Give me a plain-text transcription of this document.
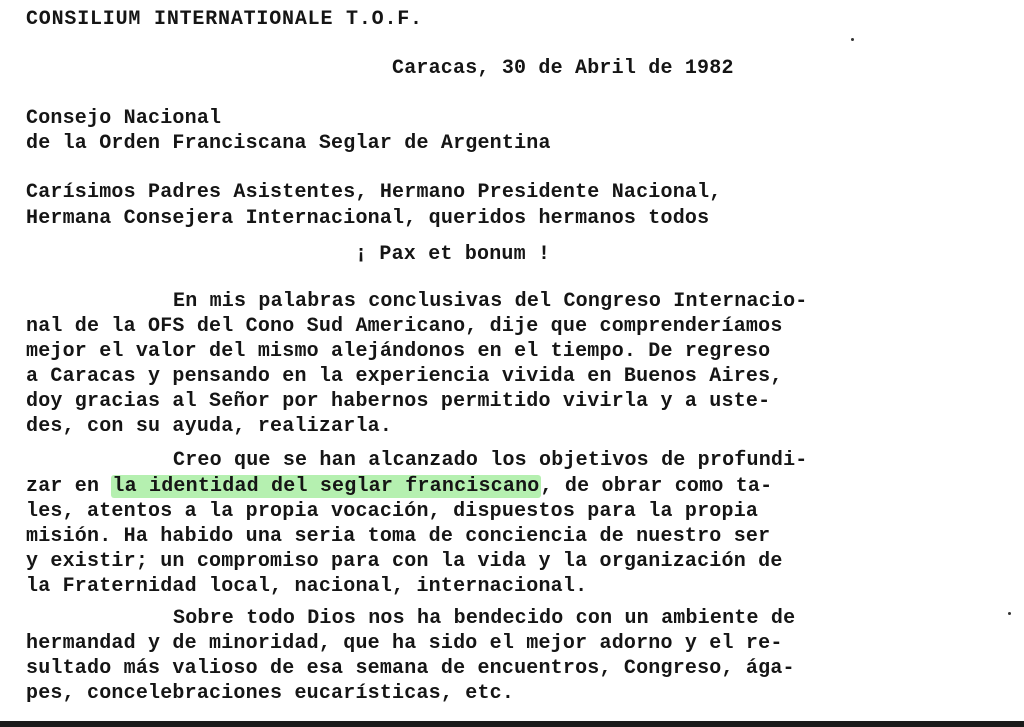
CONSILIUM INTERNATIONALE T.O.F.
Caracas, 30 de Abril de 1982
Consejo Nacional
de la Orden Franciscana Seglar de Argentina
Carísimos Padres Asistentes, Hermano Presidente Nacional,
Hermana Consejera Internacional, queridos hermanos todos
¡ Pax et bonum !
En mis palabras conclusivas del Congreso Internacio-
nal de la OFS del Cono Sud Americano, dije que comprenderíamos
mejor el valor del mismo alejándonos en el tiempo. De regreso
a Caracas y pensando en la experiencia vivida en Buenos Aires,
doy gracias al Señor por habernos permitido vivirla y a uste-
des, con su ayuda, realizarla.
Creo que se han alcanzado los objetivos de profundi-
zar en la identidad del seglar franciscano, de obrar como ta-
les, atentos a la propia vocación, dispuestos para la propia
misión. Ha habido una seria toma de conciencia de nuestro ser
y existir; un compromiso para con la vida y la organización de
la Fraternidad local, nacional, internacional.
Sobre todo Dios nos ha bendecido con un ambiente de
hermandad y de minoridad, que ha sido el mejor adorno y el re-
sultado más valioso de esa semana de encuentros, Congreso, ága-
pes, concelebraciones eucarísticas, etc.
